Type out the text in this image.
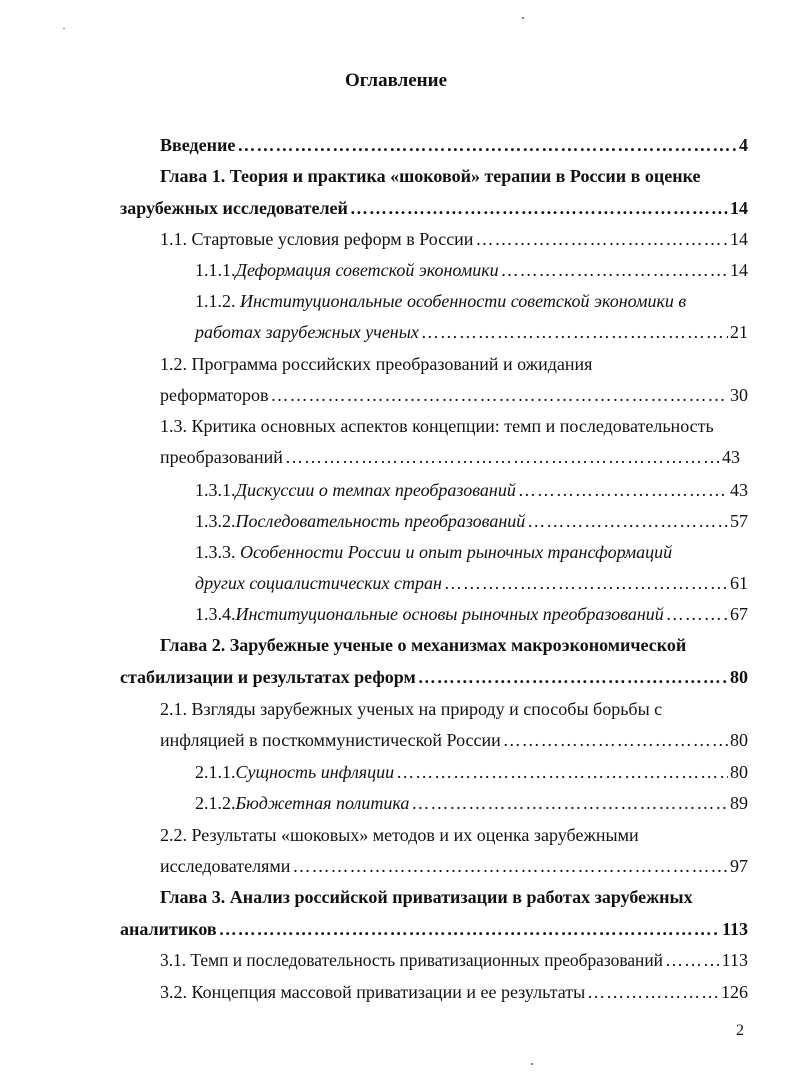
Оглавление
Введение ……………………………………………………………………………………………………………………………………………………………………………………………	4
Глава 1. Теория и практика «шоковой» терапии в России в оценке
зарубежных исследователей ……………………………………………………………………………………………………………………………………………………………………………………………	14
1.1. Стартовые условия реформ в России ……………………………………………………………………………………………………………………………………………………………………………………………	14
1.1.1. Деформация советской экономики ……………………………………………………………………………………………………………………………………………………………………………………………	14
1.1.2. Институциональные особенности советской экономики в
работах зарубежных ученых ……………………………………………………………………………………………………………………………………………………………………………………………	21
1.2. Программа российских преобразований и ожидания
реформаторов ……………………………………………………………………………………………………………………………………………………………………………………………	30
1.3. Критика основных аспектов концепции: темп и последовательность
преобразований ……………………………………………………………………………………………………………………………………………………………………………………………	43
1.3.1. Дискуссии о темпах преобразований ……………………………………………………………………………………………………………………………………………………………………………………………	43
1.3.2. Последовательность преобразований ……………………………………………………………………………………………………………………………………………………………………………………………	57
1.3.3. Особенности России и опыт рыночных трансформаций
других социалистических стран ……………………………………………………………………………………………………………………………………………………………………………………………	61
1.3.4. Институциональные основы рыночных преобразований ……………………………………………………………………………………………………………………………………………………………………………………………	67
Глава 2. Зарубежные ученые о механизмах макроэкономической
стабилизации и результатах реформ ……………………………………………………………………………………………………………………………………………………………………………………………	80
2.1. Взгляды зарубежных ученых на природу и способы борьбы с
инфляцией в посткоммунистической России ……………………………………………………………………………………………………………………………………………………………………………………………	80
2.1.1. Сущность инфляции ……………………………………………………………………………………………………………………………………………………………………………………………	80
2.1.2. Бюджетная политика ……………………………………………………………………………………………………………………………………………………………………………………………	89
2.2. Результаты «шоковых» методов и их оценка зарубежными
исследователями ……………………………………………………………………………………………………………………………………………………………………………………………	97
Глава 3. Анализ российской приватизации в работах зарубежных
аналитиков ……………………………………………………………………………………………………………………………………………………………………………………………	113
3.1. Темп и последовательность приватизационных преобразований ……………………………………………………………………………………………………………………………………………………………………………………………	113
3.2. Концепция массовой приватизации и ее результаты ……………………………………………………………………………………………………………………………………………………………………………………………	126
2
